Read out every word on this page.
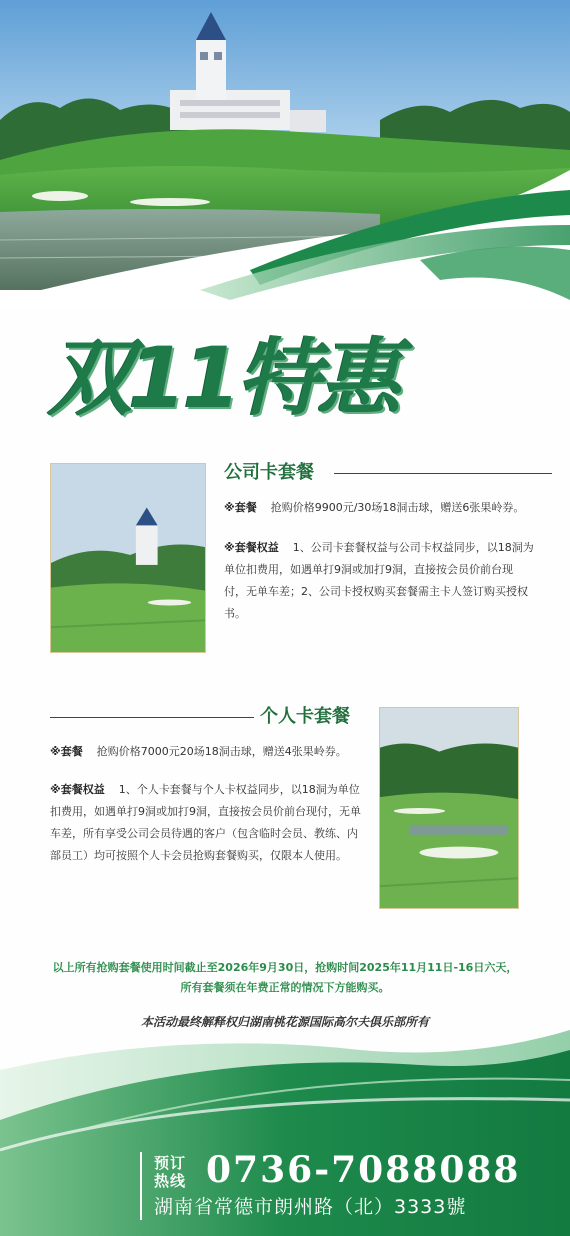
双11特惠
公司卡套餐
※套餐 抢购价格9900元/30场18洞击球，赠送6张果岭券。
※套餐权益 1、公司卡套餐权益与公司卡权益同步，以18洞为单位扣费用，如遇单打9洞或加打9洞，直接按会员价前台现付，无单车差；2、公司卡授权购买套餐需主卡人签订购买授权书。
个人卡套餐
※套餐 抢购价格7000元20场18洞击球，赠送4张果岭券。
※套餐权益 1、个人卡套餐与个人卡权益同步，以18洞为单位扣费用，如遇单打9洞或加打9洞，直接按会员价前台现付，无单车差，所有享受公司会员待遇的客户（包含临时会员、教练、内部员工）均可按照个人卡会员抢购套餐购买，仅限本人使用。
以上所有抢购套餐使用时间截止至2026年9月30日，抢购时间2025年11月11日-16日六天，
所有套餐须在年费正常的情况下方能购买。
本活动最终解释权归湖南桃花源国际高尔夫俱乐部所有
预订
热线 0736-7088088
湖南省常德市朗州路（北）3333號
